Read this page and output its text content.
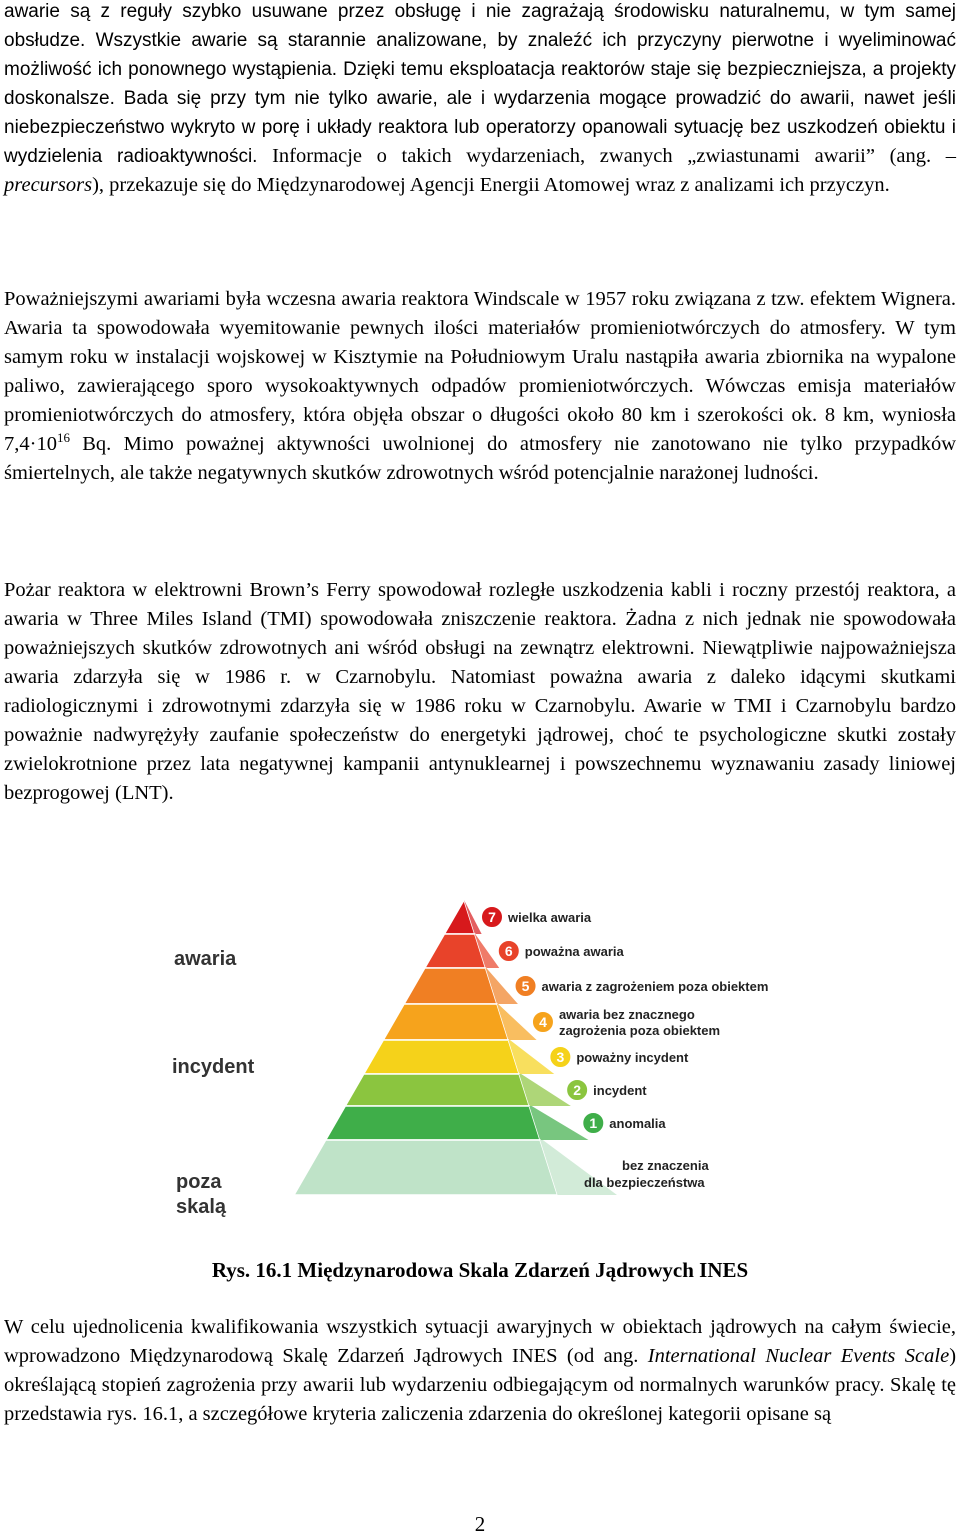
awarie są z reguły szybko usuwane przez obsługę i nie zagrażają środowisku naturalnemu, w tym samej obsłudze. Wszystkie awarie są starannie analizowane, by znaleźć ich przyczyny pierwotne i wyeliminować możliwość ich ponownego wystąpienia. Dzięki temu eksploatacja reaktorów staje się bezpieczniejsza, a projekty doskonalsze. Bada się przy tym nie tylko awarie, ale i wydarzenia mogące prowadzić do awarii, nawet jeśli niebezpieczeństwo wykryto w porę i układy reaktora lub operatorzy opanowali sytuację bez uszkodzeń obiektu i wydzielenia radioaktywności. Informacje o takich wydarzeniach, zwanych „zwiastunami awarii” (ang. – precursors), przekazuje się do Międzynarodowej Agencji Energii Atomowej wraz z analizami ich przyczyn.

Poważniejszymi awariami była wczesna awaria reaktora Windscale w 1957 roku związana z tzw. efektem Wignera. Awaria ta spowodowała wyemitowanie pewnych ilości materiałów promieniotwórczych do atmosfery. W tym samym roku w instalacji wojskowej w Kisztymie na Południowym Uralu nastąpiła awaria zbiornika na wypalone paliwo, zawierającego sporo wysokoaktywnych odpadów promieniotwórczych. Wówczas emisja materiałów promieniotwórczych do atmosfery, która objęła obszar o długości około 80 km i szerokości ok. 8 km, wyniosła $7,4\cdot 10^{16}$ Bq. Mimo poważnej aktywności uwolnionej do atmosfery nie zanotowano nie tylko przypadków śmiertelnych, ale także negatywnych skutków zdrowotnych wśród potencjalnie narażonej ludności.

Pożar reaktora w elektrowni Brown’s Ferry spowodował rozległe uszkodzenia kabli i roczny przestój reaktora, a awaria w Three Miles Island (TMI) spowodowała zniszczenie reaktora. Żadna z nich jednak nie spowodowała poważniejszych skutków zdrowotnych ani wśród obsługi na zewnątrz elektrowni. Niewątpliwie najpoważniejsza awaria zdarzyła się w 1986 r. w Czarnobylu. Natomiast poważna awaria z daleko idącymi skutkami radiologicznymi i zdrowotnymi zdarzyła się w 1986 roku w Czarnobylu. Awarie w TMI i Czarnobylu bardzo poważnie nadwyrężyły zaufanie społeczeństw do energetyki jądrowej, choć te psychologiczne skutki zostały zwielokrotnione przez lata negatywnej kampanii antynuklearnej i powszechnemu wyznawaniu zasady liniowej bezprogowej (LNT).

7 wielka awaria
6 poważna awaria
5 awaria z zagrożeniem poza obiektem
4 awaria bez znacznego
zagrożenia poza obiektem
3 poważny incydent
2 incydent
1 anomalia
awaria
incydent
poza
skalą
bez znaczenia
dla bezpieczeństwa
Rys. 16.1 Międzynarodowa Skala Zdarzeń Jądrowych INES

W celu ujednolicenia kwalifikowania wszystkich sytuacji awaryjnych w obiektach jądrowych na całym świecie, wprowadzono Międzynarodową Skalę Zdarzeń Jądrowych INES (od ang. International Nuclear Events Scale) określającą stopień zagrożenia przy awarii lub wydarzeniu odbiegającym od normalnych warunków pracy. Skalę tę przedstawia rys. 16.1, a szczegółowe kryteria zaliczenia zdarzenia do określonej kategorii opisane są

2
